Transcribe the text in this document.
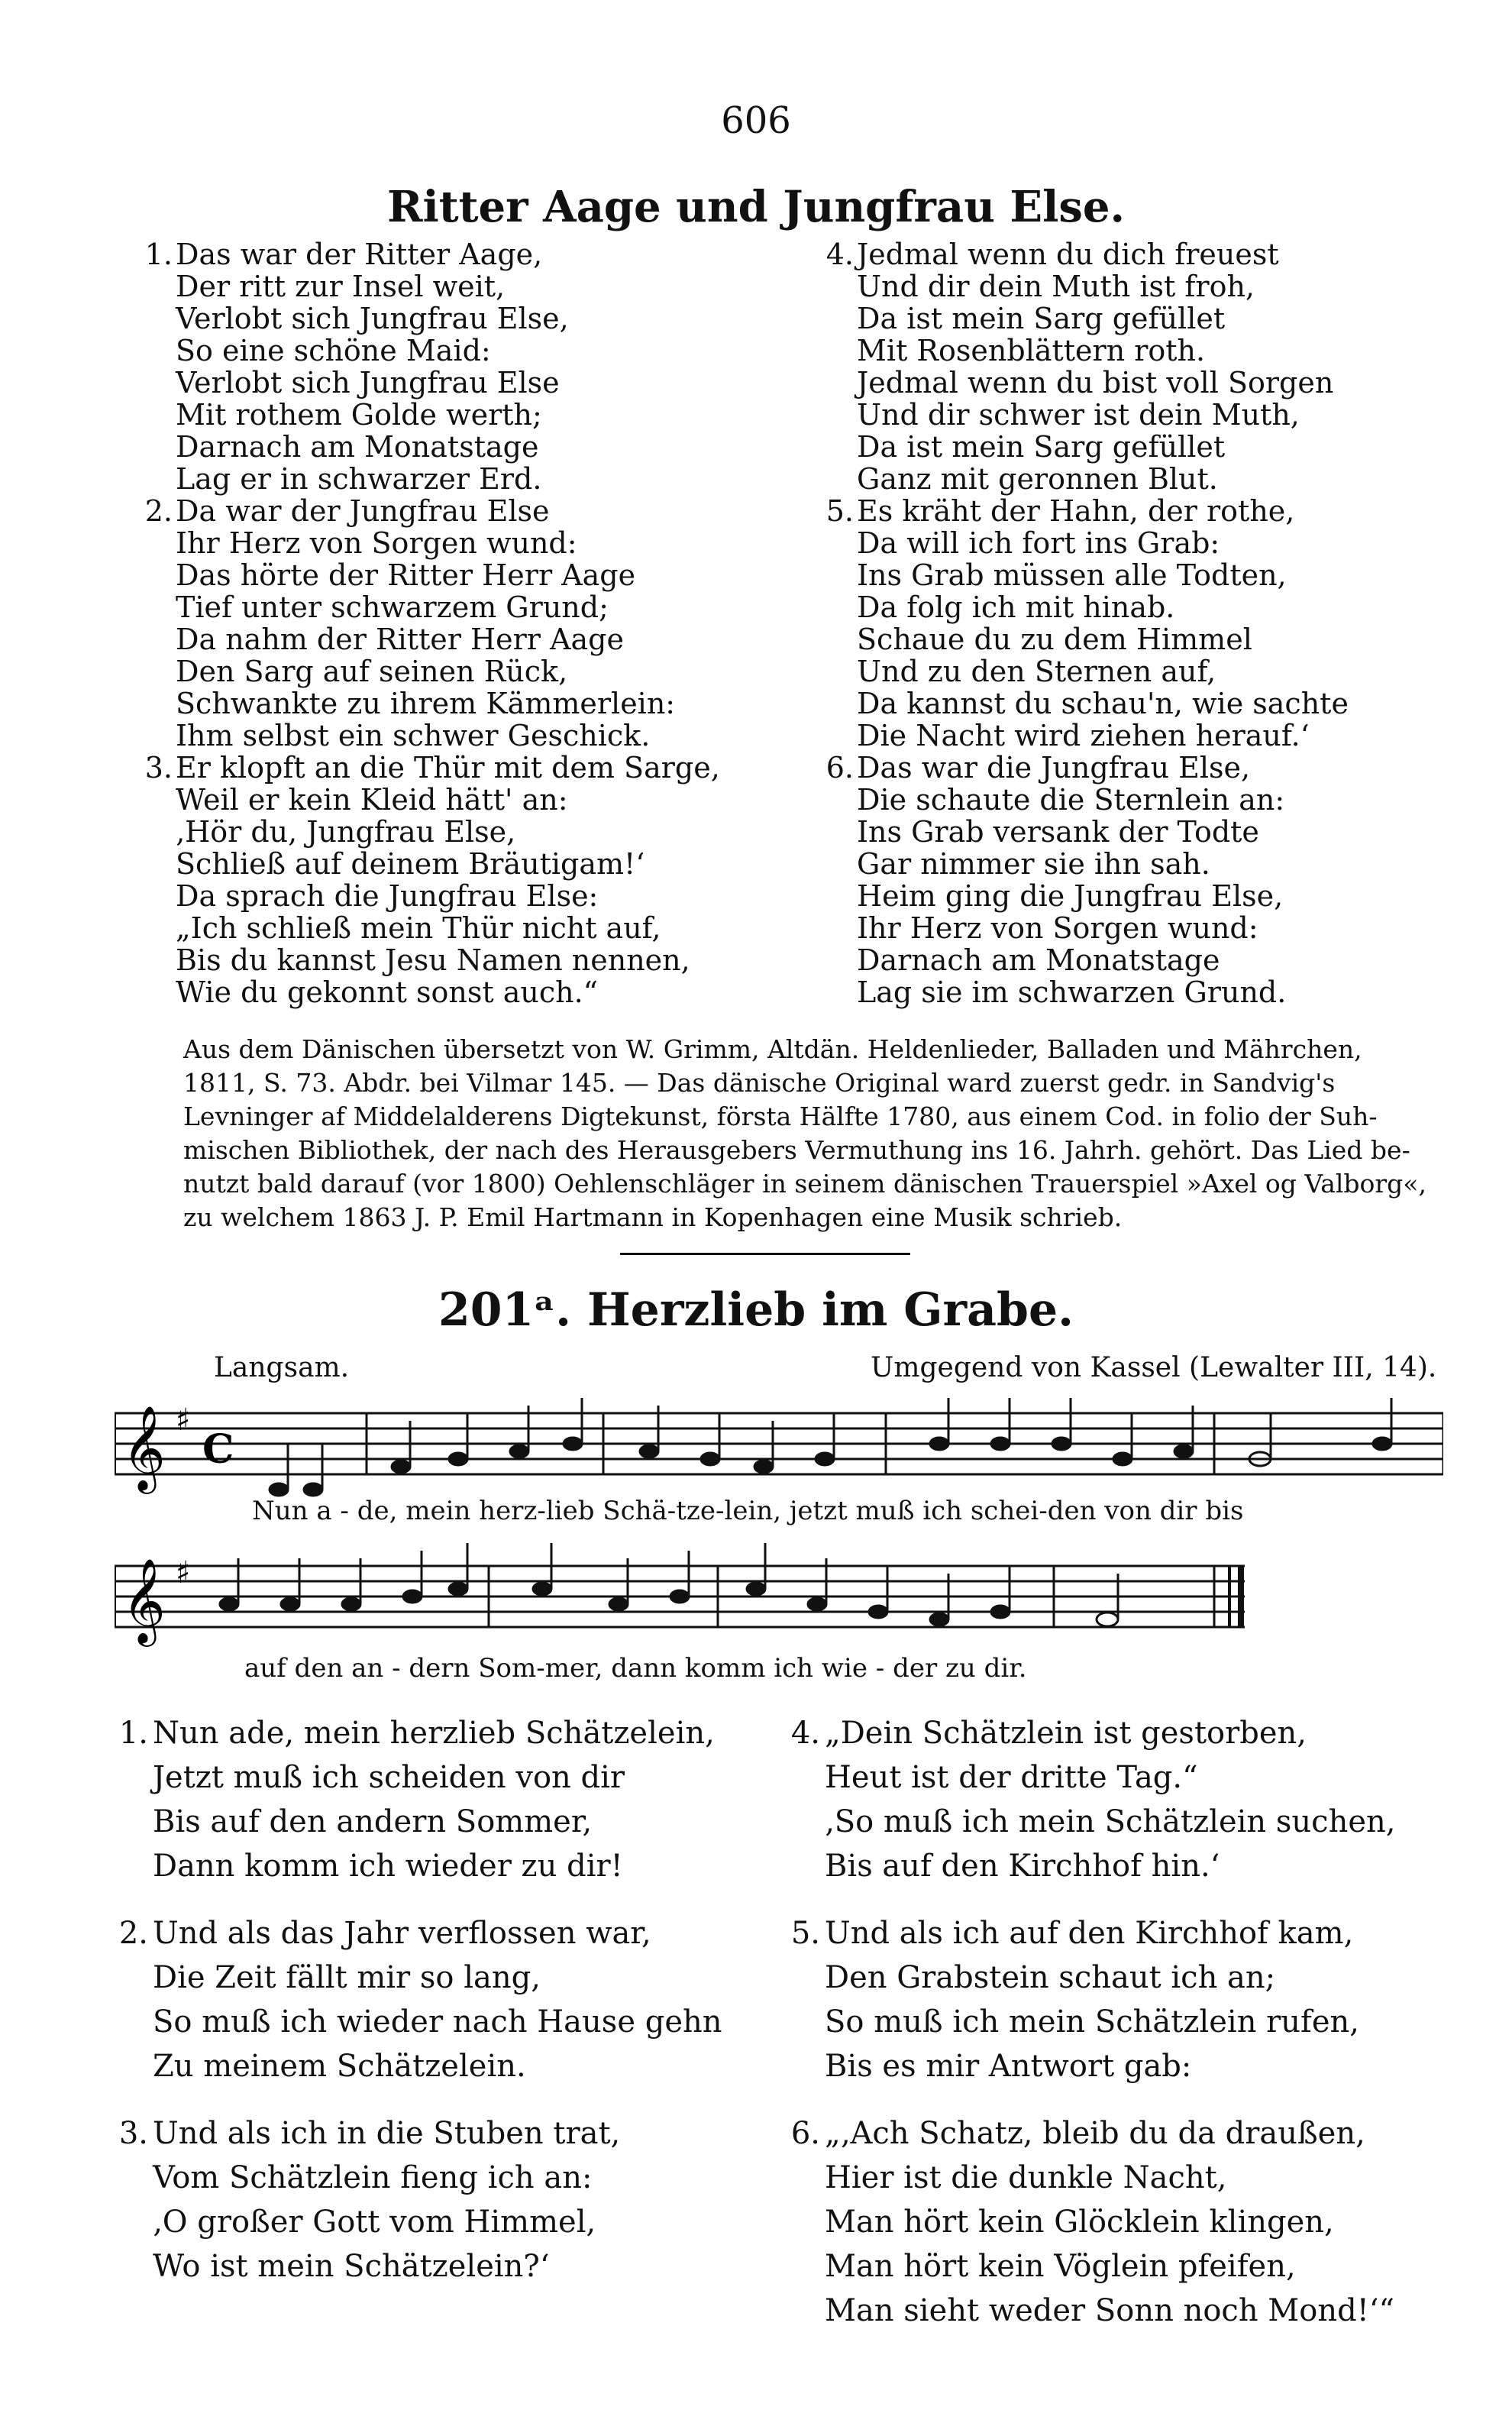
606
Ritter Aage und Jungfrau Else.
1. Das war der Ritter Aage,
Der ritt zur Insel weit,
Verlobt sich Jungfrau Else,
So eine schöne Maid:
Verlobt sich Jungfrau Else
Mit rothem Golde werth;
Darnach am Monatstage
Lag er in schwarzer Erd.
2. Da war der Jungfrau Else
Ihr Herz von Sorgen wund:
Das hörte der Ritter Herr Aage
Tief unter schwarzem Grund;
Da nahm der Ritter Herr Aage
Den Sarg auf seinen Rück,
Schwankte zu ihrem Kämmerlein:
Ihm selbst ein schwer Geschick.
3. Er klopft an die Thür mit dem Sarge,
Weil er kein Kleid hätt' an:
‚Hör du, Jungfrau Else,
Schließ auf deinem Bräutigam!‘
Da sprach die Jungfrau Else:
„Ich schließ mein Thür nicht auf,
Bis du kannst Jesu Namen nennen,
Wie du gekonnt sonst auch.“
4. Jedmal wenn du dich freuest
Und dir dein Muth ist froh,
Da ist mein Sarg gefüllet
Mit Rosenblättern roth.
Jedmal wenn du bist voll Sorgen
Und dir schwer ist dein Muth,
Da ist mein Sarg gefüllet
Ganz mit geronnen Blut.
5. Es kräht der Hahn, der rothe,
Da will ich fort ins Grab:
Ins Grab müssen alle Todten,
Da folg ich mit hinab.
Schaue du zu dem Himmel
Und zu den Sternen auf,
Da kannst du schau'n, wie sachte
Die Nacht wird ziehen herauf.‘
6. Das war die Jungfrau Else,
Die schaute die Sternlein an:
Ins Grab versank der Todte
Gar nimmer sie ihn sah.
Heim ging die Jungfrau Else,
Ihr Herz von Sorgen wund:
Darnach am Monatstage
Lag sie im schwarzen Grund.
Aus dem Dänischen übersetzt von W. Grimm, Altdän. Heldenlieder, Balladen und Mährchen,
1811, S. 73. Abdr. bei Vilmar 145. — Das dänische Original ward zuerst gedr. in Sandvig's
Levninger af Middelalderens Digtekunst, första Hälfte 1780, aus einem Cod. in folio der Suh-
mischen Bibliothek, der nach des Herausgebers Vermuthung ins 16. Jahrh. gehört. Das Lied be-
nutzt bald darauf (vor 1800) Oehlenschläger in seinem dänischen Trauerspiel »Axel og Valborg«,
zu welchem 1863 J. P. Emil Hartmann in Kopenhagen eine Musik schrieb.
201ᵃ. Herzlieb im Grabe.
Langsam.	Umgegend von Kassel (Lewalter III, 14).
𝄞 ♯
C
Nun a - de, mein herz-lieb Schä-tze-lein, jetzt muß ich schei-den von dir bis
𝄞 ♯
auf den an - dern Som-mer, dann komm ich wie - der zu dir.
1. Nun ade, mein herzlieb Schätzelein,
Jetzt muß ich scheiden von dir
Bis auf den andern Sommer,
Dann komm ich wieder zu dir!
2. Und als das Jahr verflossen war,
Die Zeit fällt mir so lang,
So muß ich wieder nach Hause gehn
Zu meinem Schätzelein.
3. Und als ich in die Stuben trat,
Vom Schätzlein fieng ich an:
‚O großer Gott vom Himmel,
Wo ist mein Schätzelein?‘
4. „Dein Schätzlein ist gestorben,
Heut ist der dritte Tag.“
‚So muß ich mein Schätzlein suchen,
Bis auf den Kirchhof hin.‘
5. Und als ich auf den Kirchhof kam,
Den Grabstein schaut ich an;
So muß ich mein Schätzlein rufen,
Bis es mir Antwort gab:
6. „‚Ach Schatz, bleib du da draußen,
Hier ist die dunkle Nacht,
Man hört kein Glöcklein klingen,
Man hört kein Vöglein pfeifen,
Man sieht weder Sonn noch Mond!‘“
